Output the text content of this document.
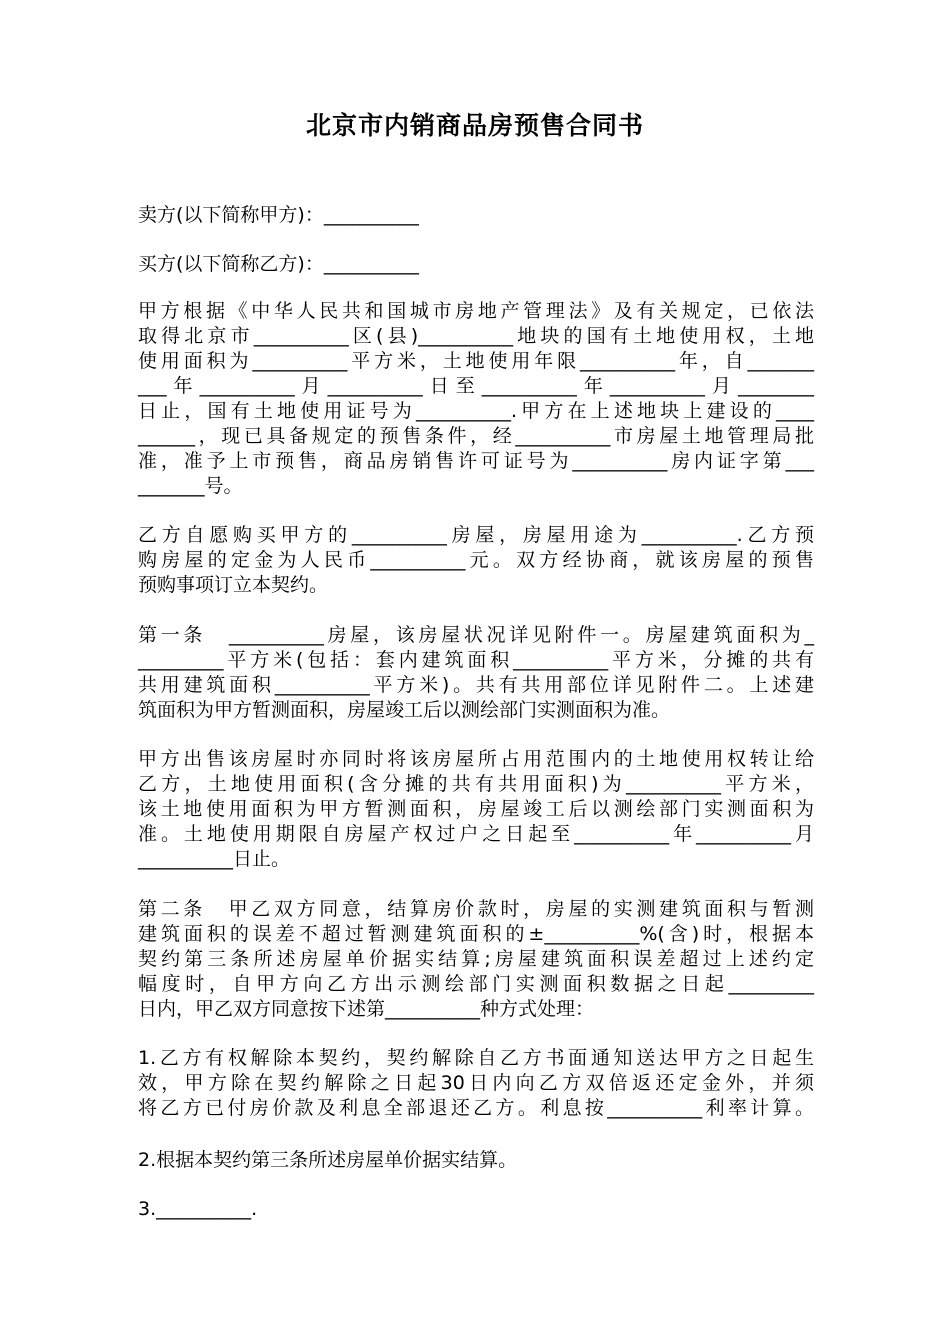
北京市内销商品房预售合同书

卖方(以下简称甲方)：__________

买方(以下简称乙方)：__________

甲方根据《中华人民共和国城市房地产管理法》及有关规定，已依法

取得北京市__________区(县)__________地块的国有土地使用权，土地

使用面积为__________平方米，土地使用年限__________年，自_______

___年__________月__________日至__________年__________月________

日止，国有土地使用证号为__________.甲方在上述地块上建设的____

______，现已具备规定的预售条件，经__________市房屋土地管理局批

准，准予上市预售，商品房销售许可证号为__________房内证字第___

_______号。

乙方自愿购买甲方的__________房屋，房屋用途为__________.乙方预

购房屋的定金为人民币__________元。双方经协商，就该房屋的预售

预购事项订立本契约。

第一条　__________房屋，该房屋状况详见附件一。房屋建筑面积为_

_________平方米(包括：套内建筑面积__________平方米，分摊的共有

共用建筑面积__________平方米)。共有共用部位详见附件二。上述建

筑面积为甲方暂测面积，房屋竣工后以测绘部门实测面积为准。

甲方出售该房屋时亦同时将该房屋所占用范围内的土地使用权转让给

乙方，土地使用面积(含分摊的共有共用面积)为__________平方米，

该土地使用面积为甲方暂测面积，房屋竣工后以测绘部门实测面积为

准。土地使用期限自房屋产权过户之日起至__________年__________月

__________日止。

第二条　甲乙双方同意，结算房价款时，房屋的实测建筑面积与暂测

建筑面积的误差不超过暂测建筑面积的±__________%(含)时，根据本

契约第三条所述房屋单价据实结算;房屋建筑面积误差超过上述约定

幅度时，自甲方向乙方出示测绘部门实测面积数据之日起_________

日内，甲乙双方同意按下述第__________种方式处理：

1.乙方有权解除本契约，契约解除自乙方书面通知送达甲方之日起生

效，甲方除在契约解除之日起30日内向乙方双倍返还定金外，并须

将乙方已付房价款及利息全部退还乙方。利息按__________利率计算。

2.根据本契约第三条所述房屋单价据实结算。

3.__________.
